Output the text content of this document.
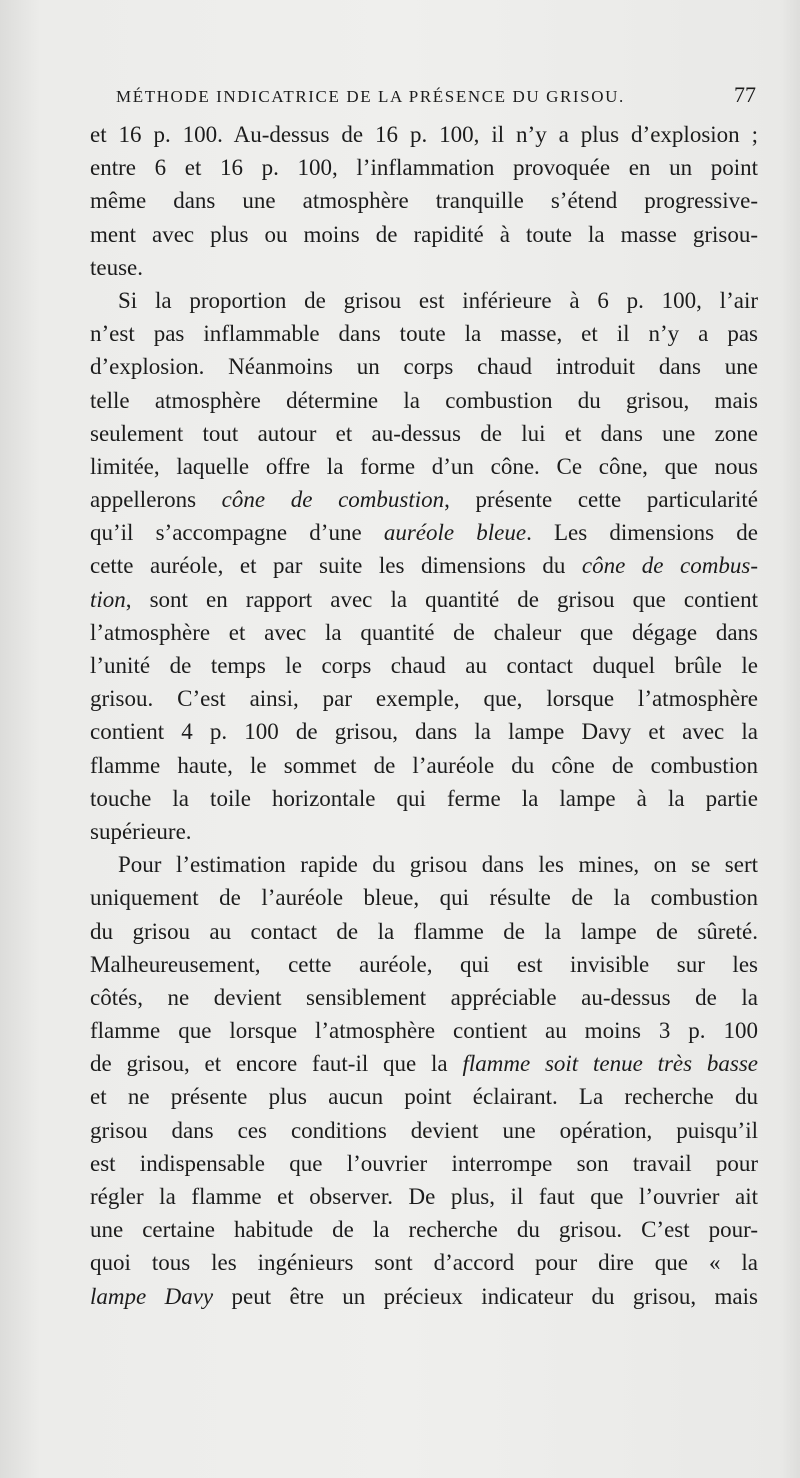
MÉTHODE INDICATRICE DE LA PRÉSENCE DU GRISOU.	77
et 16 p. 100. Au-dessus de 16 p. 100, il n’y a plus d’explosion ;
entre 6 et 16 p. 100, l’inflammation provoquée en un point
même dans une atmosphère tranquille s’étend progressive-
ment avec plus ou moins de rapidité à toute la masse grisou-
teuse.
Si la proportion de grisou est inférieure à 6 p. 100, l’air
n’est pas inflammable dans toute la masse, et il n’y a pas
d’explosion. Néanmoins un corps chaud introduit dans une
telle atmosphère détermine la combustion du grisou, mais
seulement tout autour et au-dessus de lui et dans une zone
limitée, laquelle offre la forme d’un cône. Ce cône, que nous
appellerons cône de combustion, présente cette particularité
qu’il s’accompagne d’une auréole bleue. Les dimensions de
cette auréole, et par suite les dimensions du cône de combus-
tion, sont en rapport avec la quantité de grisou que contient
l’atmosphère et avec la quantité de chaleur que dégage dans
l’unité de temps le corps chaud au contact duquel brûle le
grisou. C’est ainsi, par exemple, que, lorsque l’atmosphère
contient 4 p. 100 de grisou, dans la lampe Davy et avec la
flamme haute, le sommet de l’auréole du cône de combustion
touche la toile horizontale qui ferme la lampe à la partie
supérieure.
Pour l’estimation rapide du grisou dans les mines, on se sert
uniquement de l’auréole bleue, qui résulte de la combustion
du grisou au contact de la flamme de la lampe de sûreté.
Malheureusement, cette auréole, qui est invisible sur les
côtés, ne devient sensiblement appréciable au-dessus de la
flamme que lorsque l’atmosphère contient au moins 3 p. 100
de grisou, et encore faut-il que la flamme soit tenue très basse
et ne présente plus aucun point éclairant. La recherche du
grisou dans ces conditions devient une opération, puisqu’il
est indispensable que l’ouvrier interrompe son travail pour
régler la flamme et observer. De plus, il faut que l’ouvrier ait
une certaine habitude de la recherche du grisou. C’est pour-
quoi tous les ingénieurs sont d’accord pour dire que « la
lampe Davy peut être un précieux indicateur du grisou, mais
